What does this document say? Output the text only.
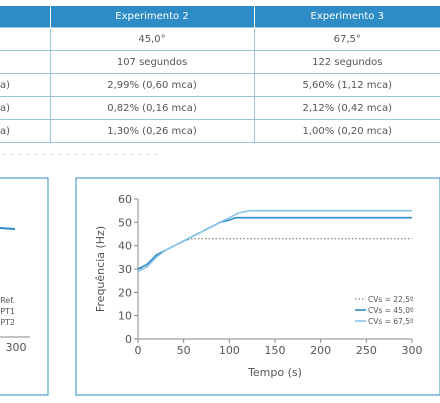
	Experimento 2	Experimento 3
	45,0°	67,5°
	107 segundos	122 segundos
a)	2,99% (0,60 mca)	5,60% (1,12 mca)
a)	0,82% (0,16 mca)	2,12% (0,42 mca)
a)	1,30% (0,26 mca)	1,00% (0,20 mca)
Ref.
PT1
PT2
300
0
10
20
30
40
50
60
0	50	100 150 200 250 300
Tempo (s)
Frequência (Hz)	CVs = 22,5º
CVs = 45,0º
CVs = 67,5º
